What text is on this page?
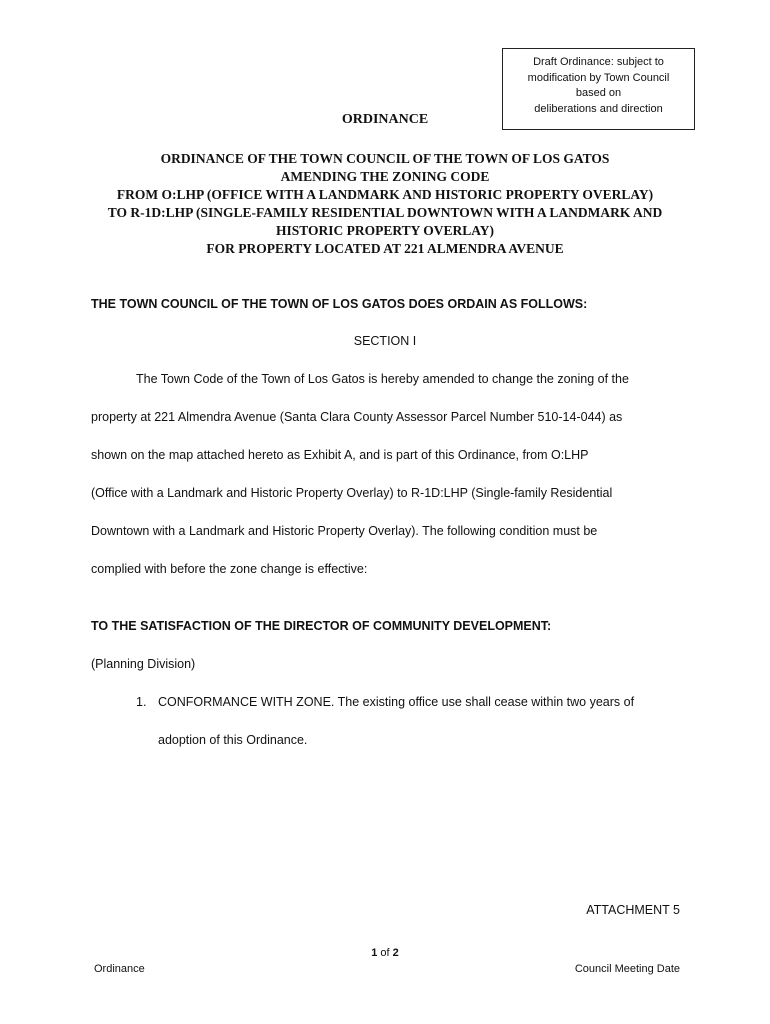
Draft Ordinance: subject to
modification by Town Council
based on
deliberations and direction
ORDINANCE
ORDINANCE OF THE TOWN COUNCIL OF THE TOWN OF LOS GATOS
AMENDING THE ZONING CODE
FROM O:LHP (OFFICE WITH A LANDMARK AND HISTORIC PROPERTY OVERLAY)
TO R-1D:LHP (SINGLE-FAMILY RESIDENTIAL DOWNTOWN WITH A LANDMARK AND
HISTORIC PROPERTY OVERLAY)
FOR PROPERTY LOCATED AT 221 ALMENDRA AVENUE
THE TOWN COUNCIL OF THE TOWN OF LOS GATOS DOES ORDAIN AS FOLLOWS:
SECTION I
The Town Code of the Town of Los Gatos is hereby amended to change the zoning of the
property at 221 Almendra Avenue (Santa Clara County Assessor Parcel Number 510-14-044) as
shown on the map attached hereto as Exhibit A, and is part of this Ordinance, from O:LHP
(Office with a Landmark and Historic Property Overlay) to R-1D:LHP (Single-family Residential
Downtown with a Landmark and Historic Property Overlay). The following condition must be
complied with before the zone change is effective:
TO THE SATISFACTION OF THE DIRECTOR OF COMMUNITY DEVELOPMENT:
(Planning Division)
1. CONFORMANCE WITH ZONE. The existing office use shall cease within two years of
adoption of this Ordinance.
ATTACHMENT 5
1 of 2
Ordinance	Council Meeting Date
